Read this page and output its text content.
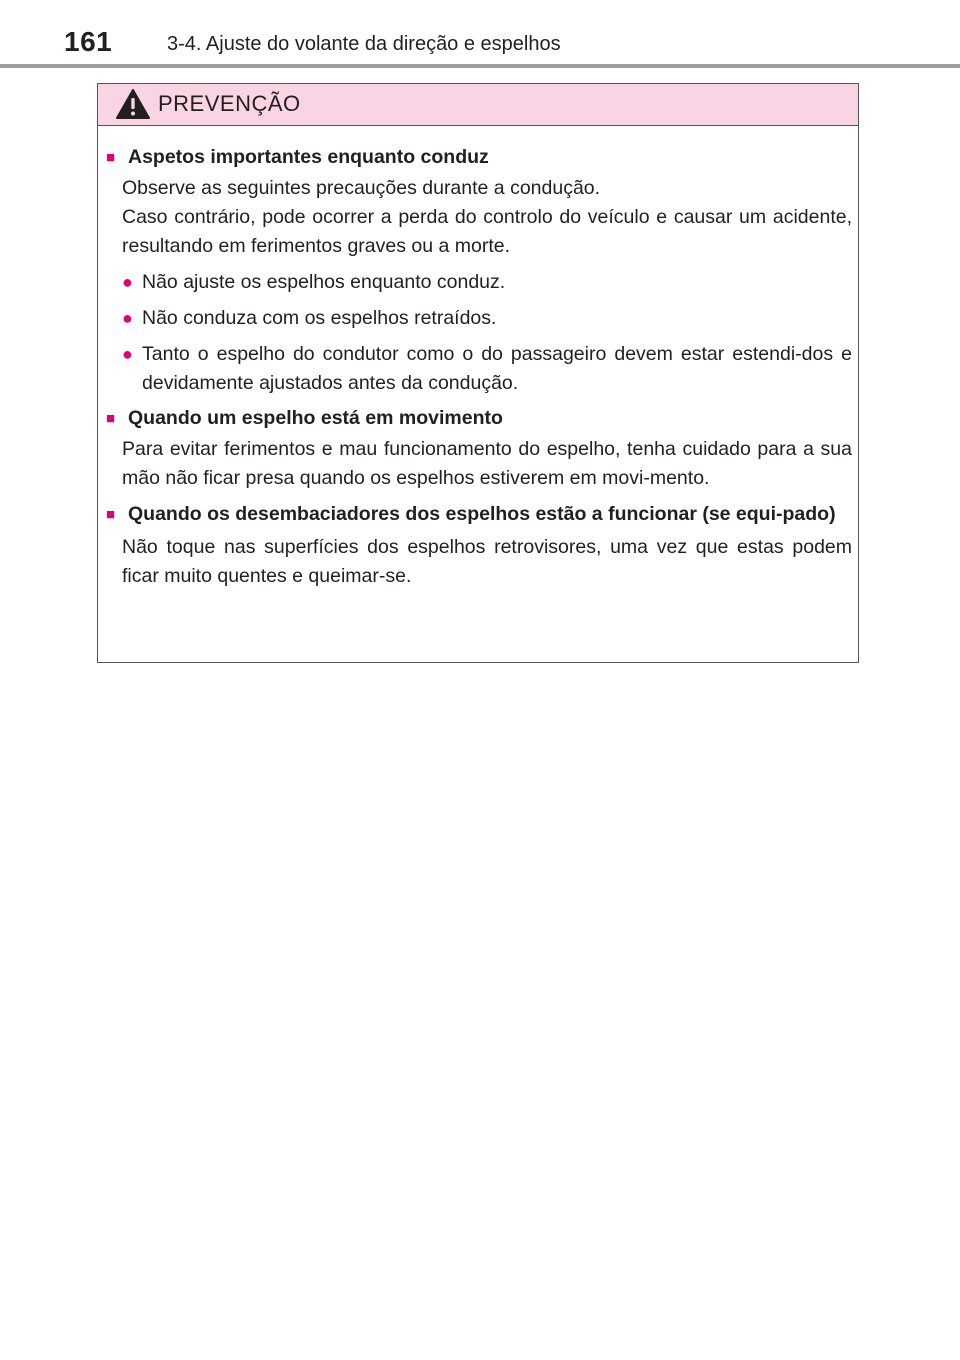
161	3-4. Ajuste do volante da direção e espelhos
PREVENÇÃO
■ Aspetos importantes enquanto conduz
Observe as seguintes precauções durante a condução.
Caso contrário, pode ocorrer a perda do controlo do veículo e causar um acidente, resultando em ferimentos graves ou a morte.
● Não ajuste os espelhos enquanto conduz.
● Não conduza com os espelhos retraídos.
● Tanto o espelho do condutor como o do passageiro devem estar estendi-dos e devidamente ajustados antes da condução.
■ Quando um espelho está em movimento
Para evitar ferimentos e mau funcionamento do espelho, tenha cuidado para a sua mão não ficar presa quando os espelhos estiverem em movi-mento.
■ Quando os desembaciadores dos espelhos estão a funcionar (se equi-pado)
Não toque nas superfícies dos espelhos retrovisores, uma vez que estas podem ficar muito quentes e queimar-se.
